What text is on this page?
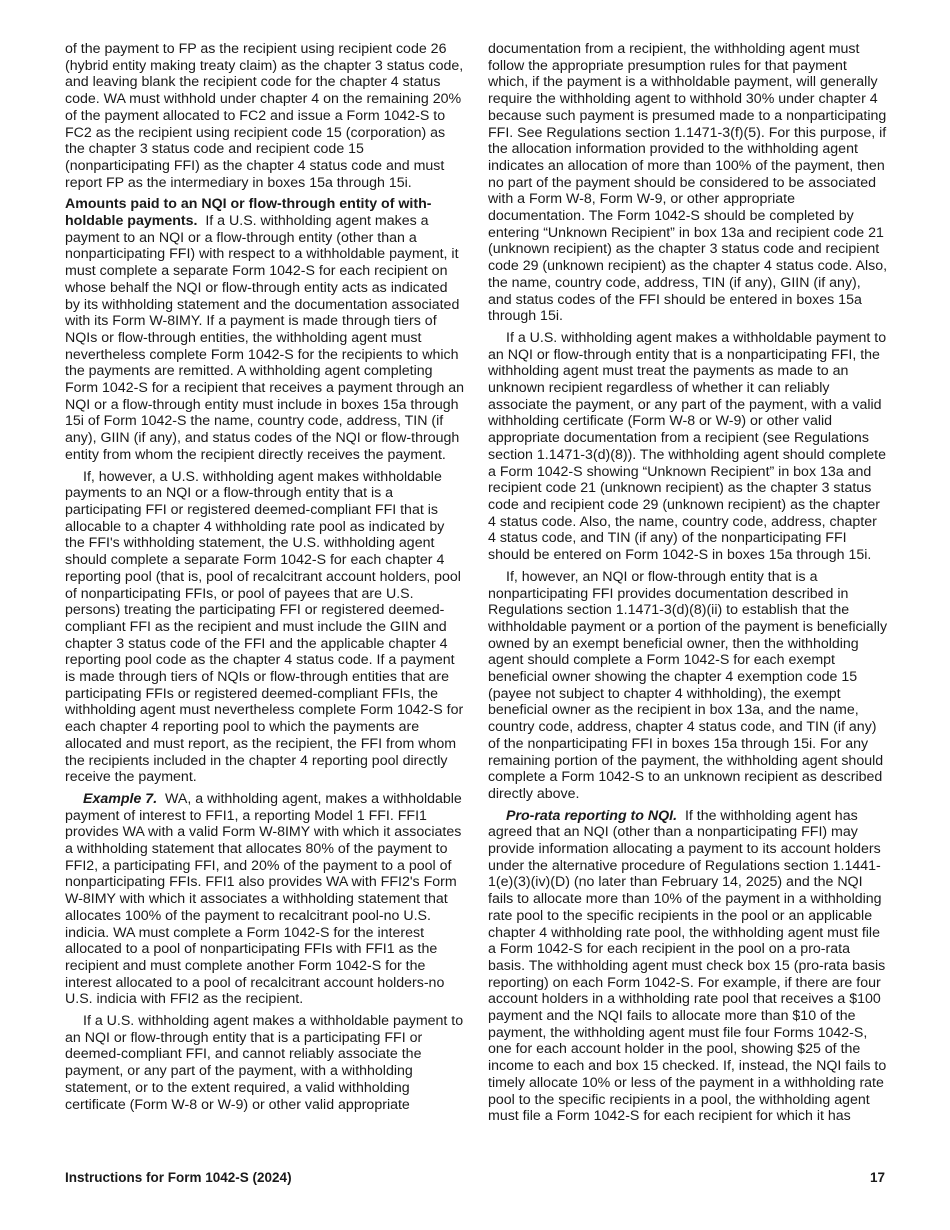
of the payment to FP as the recipient using recipient code 26 (hybrid entity making treaty claim) as the chapter 3 status code, and leaving blank the recipient code for the chapter 4 status code. WA must withhold under chapter 4 on the remaining 20% of the payment allocated to FC2 and issue a Form 1042-S to FC2 as the recipient using recipient code 15 (corporation) as the chapter 3 status code and recipient code 15 (nonparticipating FFI) as the chapter 4 status code and must report FP as the intermediary in boxes 15a through 15i.

Amounts paid to an NQI or flow-through entity of withholdable payments. If a U.S. withholding agent makes a payment to an NQI or a flow-through entity (other than a nonparticipating FFI) with respect to a withholdable payment, it must complete a separate Form 1042-S for each recipient on whose behalf the NQI or flow-through entity acts as indicated by its withholding statement and the documentation associated with its Form W-8IMY. If a payment is made through tiers of NQIs or flow-through entities, the withholding agent must nevertheless complete Form 1042-S for the recipients to which the payments are remitted. A withholding agent completing Form 1042-S for a recipient that receives a payment through an NQI or a flow-through entity must include in boxes 15a through 15i of Form 1042-S the name, country code, address, TIN (if any), GIIN (if any), and status codes of the NQI or flow-through entity from whom the recipient directly receives the payment.

If, however, a U.S. withholding agent makes withholdable payments to an NQI or a flow-through entity that is a participating FFI or registered deemed-compliant FFI that is allocable to a chapter 4 withholding rate pool as indicated by the FFI's withholding statement, the U.S. withholding agent should complete a separate Form 1042-S for each chapter 4 reporting pool (that is, pool of recalcitrant account holders, pool of nonparticipating FFIs, or pool of payees that are U.S. persons) treating the participating FFI or registered deemed-compliant FFI as the recipient and must include the GIIN and chapter 3 status code of the FFI and the applicable chapter 4 reporting pool code as the chapter 4 status code. If a payment is made through tiers of NQIs or flow-through entities that are participating FFIs or registered deemed-compliant FFIs, the withholding agent must nevertheless complete Form 1042-S for each chapter 4 reporting pool to which the payments are allocated and must report, as the recipient, the FFI from whom the recipients included in the chapter 4 reporting pool directly receive the payment.

Example 7. WA, a withholding agent, makes a withholdable payment of interest to FFI1, a reporting Model 1 FFI. FFI1 provides WA with a valid Form W-8IMY with which it associates a withholding statement that allocates 80% of the payment to FFI2, a participating FFI, and 20% of the payment to a pool of nonparticipating FFIs. FFI1 also provides WA with FFI2's Form W-8IMY with which it associates a withholding statement that allocates 100% of the payment to recalcitrant pool-no U.S. indicia. WA must complete a Form 1042-S for the interest allocated to a pool of nonparticipating FFIs with FFI1 as the recipient and must complete another Form 1042-S for the interest allocated to a pool of recalcitrant account holders-no U.S. indicia with FFI2 as the recipient.

If a U.S. withholding agent makes a withholdable payment to an NQI or flow-through entity that is a participating FFI or deemed-compliant FFI, and cannot reliably associate the payment, or any part of the payment, with a withholding statement, or to the extent required, a valid withholding certificate (Form W-8 or W-9) or other valid appropriate

documentation from a recipient, the withholding agent must follow the appropriate presumption rules for that payment which, if the payment is a withholdable payment, will generally require the withholding agent to withhold 30% under chapter 4 because such payment is presumed made to a nonparticipating FFI. See Regulations section 1.1471-3(f)(5). For this purpose, if the allocation information provided to the withholding agent indicates an allocation of more than 100% of the payment, then no part of the payment should be considered to be associated with a Form W-8, Form W-9, or other appropriate documentation. The Form 1042-S should be completed by entering “Unknown Recipient” in box 13a and recipient code 21 (unknown recipient) as the chapter 3 status code and recipient code 29 (unknown recipient) as the chapter 4 status code. Also, the name, country code, address, TIN (if any), GIIN (if any), and status codes of the FFI should be entered in boxes 15a through 15i.

If a U.S. withholding agent makes a withholdable payment to an NQI or flow-through entity that is a nonparticipating FFI, the withholding agent must treat the payments as made to an unknown recipient regardless of whether it can reliably associate the payment, or any part of the payment, with a valid withholding certificate (Form W-8 or W-9) or other valid appropriate documentation from a recipient (see Regulations section 1.1471-3(d)(8)). The withholding agent should complete a Form 1042-S showing “Unknown Recipient” in box 13a and recipient code 21 (unknown recipient) as the chapter 3 status code and recipient code 29 (unknown recipient) as the chapter 4 status code. Also, the name, country code, address, chapter 4 status code, and TIN (if any) of the nonparticipating FFI should be entered on Form 1042-S in boxes 15a through 15i.

If, however, an NQI or flow-through entity that is a nonparticipating FFI provides documentation described in Regulations section 1.1471-3(d)(8)(ii) to establish that the withholdable payment or a portion of the payment is beneficially owned by an exempt beneficial owner, then the withholding agent should complete a Form 1042-S for each exempt beneficial owner showing the chapter 4 exemption code 15 (payee not subject to chapter 4 withholding), the exempt beneficial owner as the recipient in box 13a, and the name, country code, address, chapter 4 status code, and TIN (if any) of the nonparticipating FFI in boxes 15a through 15i. For any remaining portion of the payment, the withholding agent should complete a Form 1042-S to an unknown recipient as described directly above.

Pro-rata reporting to NQI. If the withholding agent has agreed that an NQI (other than a nonparticipating FFI) may provide information allocating a payment to its account holders under the alternative procedure of Regulations section 1.1441-1(e)(3)(iv)(D) (no later than February 14, 2025) and the NQI fails to allocate more than 10% of the payment in a withholding rate pool to the specific recipients in the pool or an applicable chapter 4 withholding rate pool, the withholding agent must file a Form 1042-S for each recipient in the pool on a pro-rata basis. The withholding agent must check box 15 (pro-rata basis reporting) on each Form 1042-S. For example, if there are four account holders in a withholding rate pool that receives a $100 payment and the NQI fails to allocate more than $10 of the payment, the withholding agent must file four Forms 1042-S, one for each account holder in the pool, showing $25 of the income to each and box 15 checked. If, instead, the NQI fails to timely allocate 10% or less of the payment in a withholding rate pool to the specific recipients in a pool, the withholding agent must file a Form 1042-S for each recipient for which it has

Instructions for Form 1042-S (2024)	17
